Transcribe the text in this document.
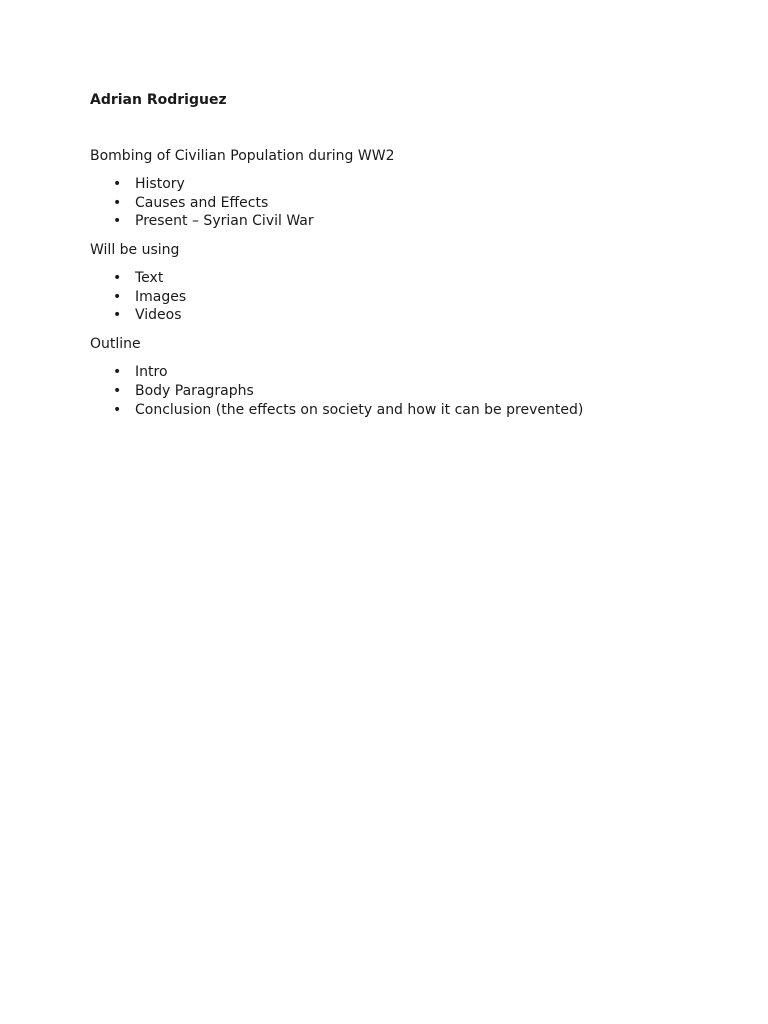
Adrian Rodriguez

Bombing of Civilian Population during WW2

• History
• Causes and Effects
• Present – Syrian Civil War

Will be using

• Text
• Images
• Videos

Outline

• Intro
• Body Paragraphs
• Conclusion (the effects on society and how it can be prevented)
